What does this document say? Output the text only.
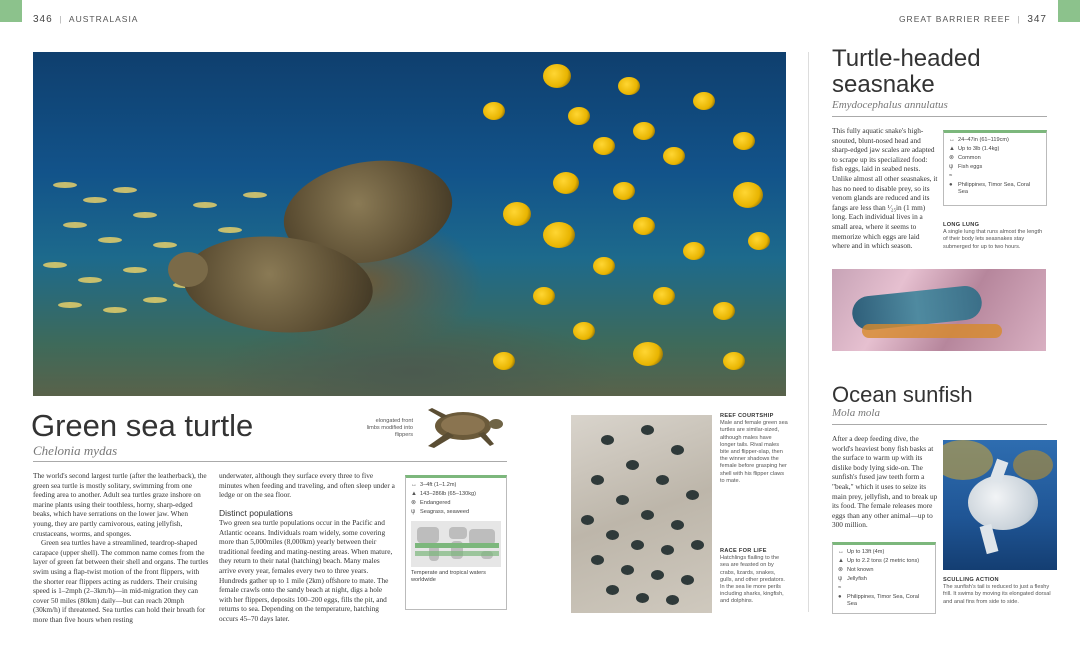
346  |  AUSTRALASIA	GREAT BARRIER REEF  |  347
Green sea turtle
Chelonia mydas
elongated front limbs modified into flippers

The world's second largest turtle (after the leatherback), the green sea turtle is mostly solitary, swimming from one feeding area to another. Adult sea turtles graze inshore on marine plants using their toothless, horny, sharp-edged beaks, which have serrations on the lower jaw. When young, they are partly carnivorous, eating jellyfish, crustaceans, worms, and sponges.

Green sea turtles have a streamlined, teardrop-shaped carapace (upper shell). The common name comes from the layer of green fat between their shell and organs. The turtles swim using a flap-twist motion of the front flippers, with the shorter rear flippers acting as rudders. Their cruising speed is 1–2mph (2–3km/h)—in mid-migration they can cover 50 miles (80km) daily—but can reach 20mph (30km/h) if threatened. Sea turtles can hold their breath for more than five hours when resting

underwater, although they surface every three to five minutes when feeding and traveling, and often sleep under a ledge or on the sea floor.

Distinct populations

Two green sea turtle populations occur in the Pacific and Atlantic oceans. Individuals roam widely, some covering more than 5,000miles (8,000km) yearly between their traditional feeding and mating-nesting areas. When mature, they return to their natal (hatching) beach. Many males arrive every year, females every two to three years. Hundreds gather up to 1 mile (2km) offshore to mate. The female crawls onto the sandy beach at night, digs a hole with her flippers, deposits 100–200 eggs, fills the pit, and returns to sea. Depending on the temperature, hatching occurs 45–70 days later.

↔ 3–4ft (1–1.2m)
▲ 143–286lb (65–130kg)
⊗ Endangered
ψ Seagrass, seaweed
Temperate and tropical waters worldwide
REEF COURTSHIP
Male and female green sea turtles are similar-sized, although males have longer tails. Rival males bite and flipper-slap, then the winner shadows the female before grasping her shell with his flipper claws to mate.
RACE FOR LIFE
Hatchlings flailing to the sea are feasted on by crabs, lizards, snakes, gulls, and other predators. In the sea lie more perils including sharks, kingfish, and dolphins.
Turtle-headed
seasnake
Emydocephalus annulatus
This fully aquatic snake's high-snouted, blunt-nosed head and sharp-edged jaw scales are adapted to scrape up its specialized food: fish eggs, laid in seabed nests. Unlike almost all other seasnakes, it has no need to disable prey, so its venom glands are reduced and its fangs are less than ¹⁄₂₅in (1 mm) long. Each individual lives in a small area, where it seems to memorize which eggs are laid where and in which season.
↔ 24–47in (61–119cm)
▲ Up to 3lb (1.4kg)
⊗ Common
ψ Fish eggs
≈
● Philippines, Timor Sea, Coral Sea
LONG LUNG
A single lung that runs almost the length of their body lets seasnakes stay submerged for up to two hours.
Ocean sunfish
Mola mola
After a deep feeding dive, the world's heaviest bony fish basks at the surface to warm up with its dislike body lying side-on. The sunfish's fused jaw teeth form a "beak," which it uses to seize its main prey, jellyfish, and to break up its food. The female releases more eggs than any other animal—up to 300 million.
↔ Up to 13ft (4m)
▲ Up to 2.2 tons (2 metric tons)
⊗ Not known
ψ Jellyfish
≈
● Philippines, Timor Sea, Coral Sea
SCULLING ACTION
The sunfish's tail is reduced to just a fleshy frill. It swims by moving its elongated dorsal and anal fins from side to side.
